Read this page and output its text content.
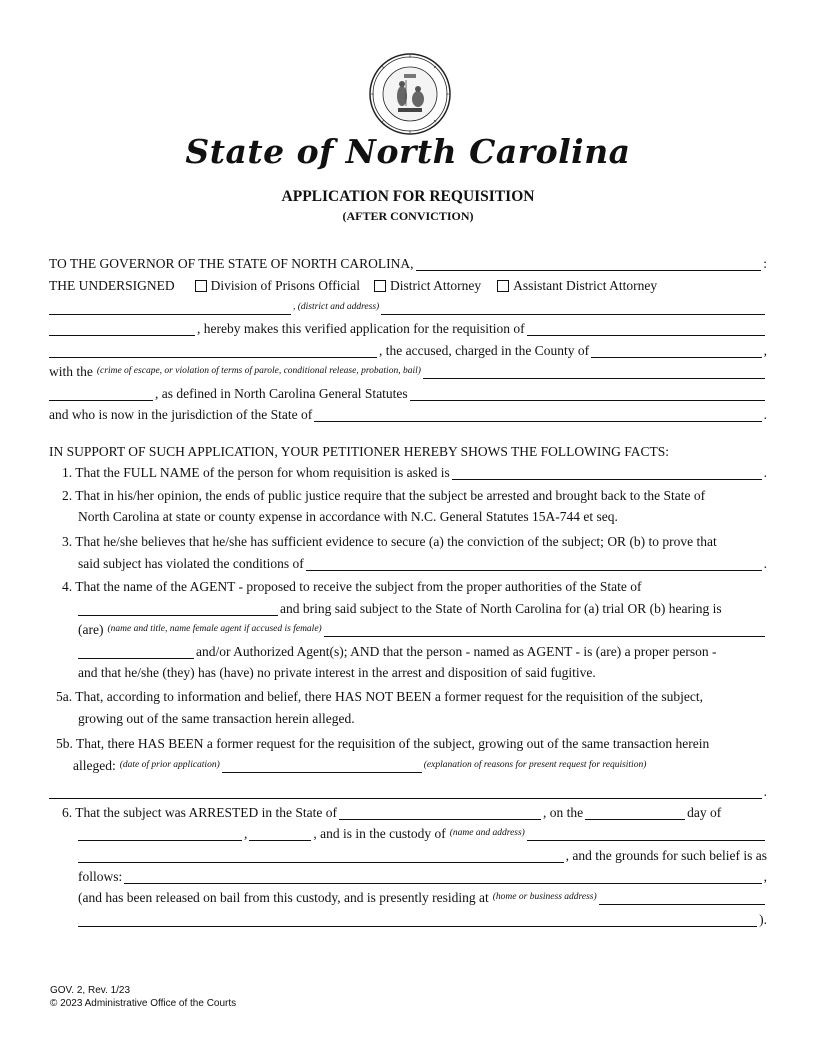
State of North Carolina
APPLICATION FOR REQUISITION
(AFTER CONVICTION)
TO THE GOVERNOR OF THE STATE OF NORTH CAROLINA,	:
THE UNDERSIGNED	Division of Prisons Official District Attorney Assistant District Attorney
, (district and address)
, hereby makes this verified application for the requisition of
, the accused, charged in the County of	,
with the (crime of escape, or violation of terms of parole, conditional release, probation, bail)
, as defined in North Carolina General Statutes
and who is now in the jurisdiction of the State of	.
IN SUPPORT OF SUCH APPLICATION, YOUR PETITIONER HEREBY SHOWS THE FOLLOWING FACTS:
1. That the FULL NAME of the person for whom requisition is asked is	.
2. That in his/her opinion, the ends of public justice require that the subject be arrested and brought back to the State of
North Carolina at state or county expense in accordance with N.C. General Statutes 15A-744 et seq.
3. That he/she believes that he/she has sufficient evidence to secure (a) the conviction of the subject; OR (b) to prove that
said subject has violated the conditions of	.
4. That the name of the AGENT - proposed to receive the subject from the proper authorities of the State of
and bring said subject to the State of North Carolina for (a) trial OR (b) hearing is
(are) (name and title, name female agent if accused is female)
and/or Authorized Agent(s); AND that the person - named as AGENT - is (are) a proper person -
and that he/she (they) has (have) no private interest in the arrest and disposition of said fugitive.
5a. That, according to information and belief, there HAS NOT BEEN a former request for the requisition of the subject,
growing out of the same transaction herein alleged.
5b. That, there HAS BEEN a former request for the requisition of the subject, growing out of the same transaction herein
alleged: (date of prior application)	(explanation of reasons for present request for requisition)
.
6. That the subject was ARRESTED in the State of	, on the	day of
,	, and is in the custody of (name and address)
, and the grounds for such belief is as
follows:	,
(and has been released on bail from this custody, and is presently residing at (home or business address)
).
GOV. 2, Rev. 1/23
© 2023 Administrative Office of the Courts
